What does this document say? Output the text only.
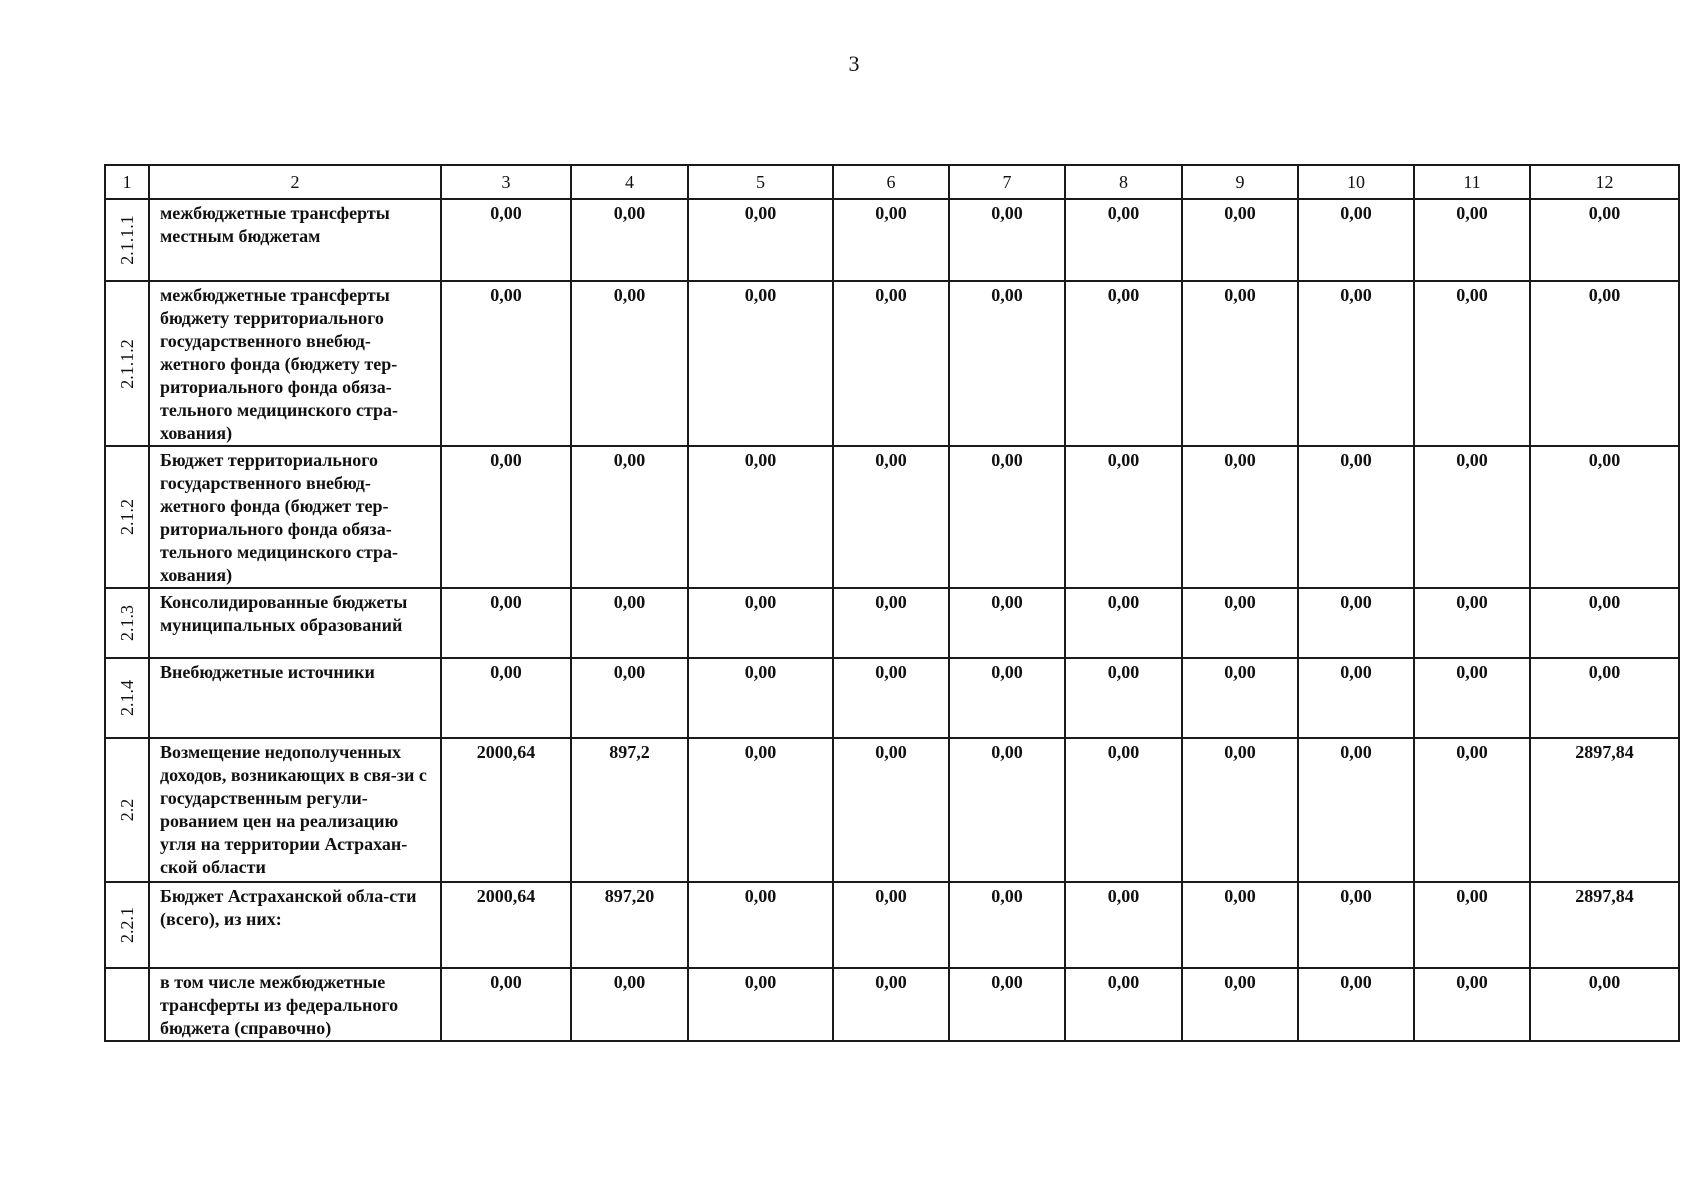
3
1	2	3	4	5	6	7	8	9	10	11	12

2.1.1.1	межбюджетные трансферты местным бюджетам	0,00	0,00	0,00	0,00	0,00	0,00	0,00	0,00	0,00	0,00

2.1.1.2	межбюджетные трансферты бюджету территориального государственного внебюд-жетного фонда (бюджету тер-риториального фонда обяза-тельного медицинского стра-хования)	0,00	0,00	0,00	0,00	0,00	0,00	0,00	0,00	0,00	0,00

2.1.2	Бюджет территориального государственного внебюд-жетного фонда (бюджет тер-риториального фонда обяза-тельного медицинского стра-хования)	0,00	0,00	0,00	0,00	0,00	0,00	0,00	0,00	0,00	0,00

2.1.3	Консолидированные бюджеты муниципальных образований	0,00	0,00	0,00	0,00	0,00	0,00	0,00	0,00	0,00	0,00

2.1.4	Внебюджетные источники	0,00	0,00	0,00	0,00	0,00	0,00	0,00	0,00	0,00	0,00

2.2	Возмещение недополученных доходов, возникающих в свя-зи с государственным регули-рованием цен на реализацию угля на территории Астрахан-ской области	2000,64	897,2	0,00	0,00	0,00	0,00	0,00	0,00	0,00	2897,84

2.2.1	Бюджет Астраханской обла-сти (всего), из них:	2000,64	897,20	0,00	0,00	0,00	0,00	0,00	0,00	0,00	2897,84

	в том числе межбюджетные трансферты из федерального бюджета (справочно)	0,00	0,00	0,00	0,00	0,00	0,00	0,00	0,00	0,00	0,00
